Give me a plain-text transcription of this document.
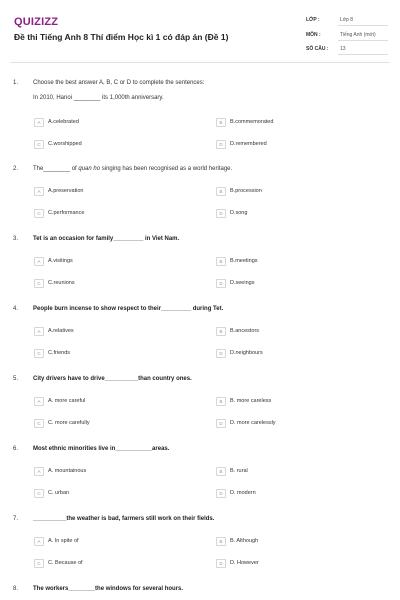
QUIZIZZ
Đề thi Tiếng Anh 8 Thí điểm Học kì 1 có đáp án (Đề 1)
LỚP :	Lớp 8
MÔN :	Tiếng Anh (mới)
SỐ CÂU :	13
1. Choose the best answer A, B, C or D to complete the sentences:
In 2010, Hanoi ________ its 1,000th anniversary.
A	A.celebrated	B	B.commemorated
C	C.worshipped	D	D.remembered
2. The________ of quan ho singing has been recognised as a world heritage.
A	A.preservation	B	B.procession
C	C.performance	D	D.song
3. Tet is an occasion for family_________ in Viet Nam.
A	A.visitings	B	B.meetings
C	C.reunions	D	D.seeings
4. People burn incense to show respect to their_________ during Tet.
A	A.relatives	B	B.ancestors
C	C.friends	D	D.neighbours
5. City drivers have to drive__________than country ones.
A	A. more careful	B	B. more careless
C	C. more carefully	D	D. more carelessly
6. Most ethnic minorities live in___________areas.
A	A. mountainous	B	B. rural
C	C. urban	D	D. modern
7. __________the weather is bad, farmers still work on their fields.
A	A. In spite of	B	B. Although
C	C. Because of	D	D. However
8. The workers________the windows for several hours.
